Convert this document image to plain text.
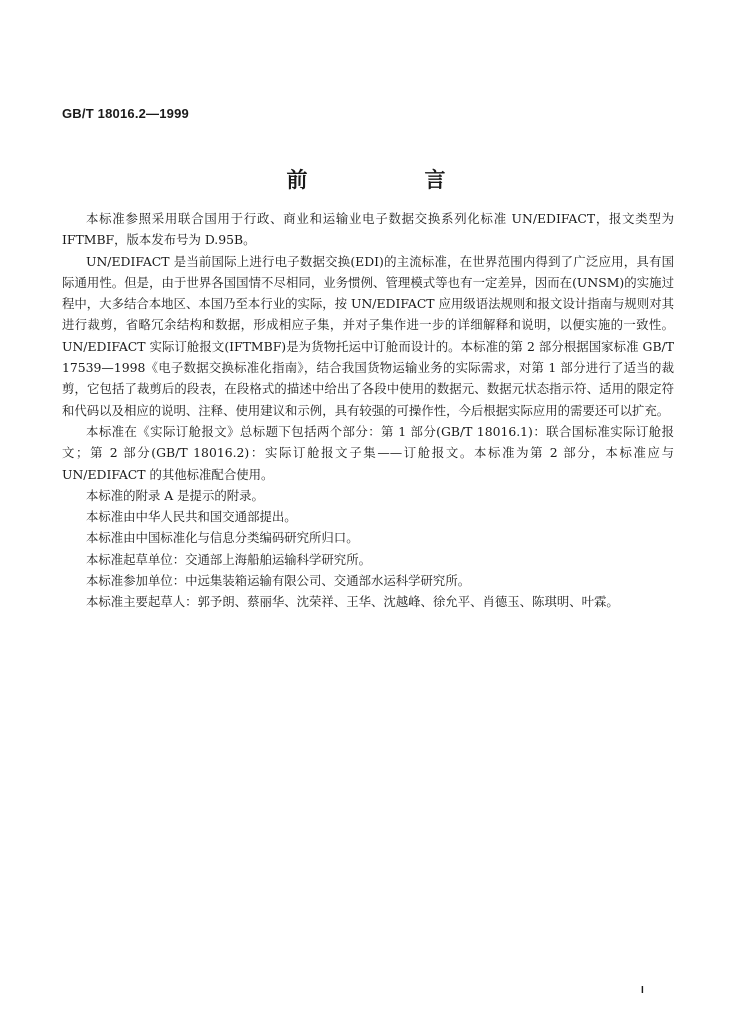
GB/T 18016.2—1999
前　言

本标准参照采用联合国用于行政、商业和运输业电子数据交换系列化标准 UN/EDIFACT，报文类型为 IFTMBF，版本发布号为 D.95B。

UN/EDIFACT 是当前国际上进行电子数据交换(EDI)的主流标准，在世界范围内得到了广泛应用，具有国际通用性。但是，由于世界各国国情不尽相同，业务惯例、管理模式等也有一定差异，因而在(UNSM)的实施过程中，大多结合本地区、本国乃至本行业的实际，按 UN/EDIFACT 应用级语法规则和报文设计指南与规则对其进行裁剪，省略冗余结构和数据，形成相应子集，并对子集作进一步的详细解释和说明，以便实施的一致性。UN/EDIFACT 实际订舱报文(IFTMBF)是为货物托运中订舱而设计的。本标准的第 2 部分根据国家标准 GB/T 17539—1998《电子数据交换标准化指南》，结合我国货物运输业务的实际需求，对第 1 部分进行了适当的裁剪，它包括了裁剪后的段表，在段格式的描述中给出了各段中使用的数据元、数据元状态指示符、适用的限定符和代码以及相应的说明、注释、使用建议和示例，具有较强的可操作性，今后根据实际应用的需要还可以扩充。

本标准在《实际订舱报文》总标题下包括两个部分：第 1 部分(GB/T 18016.1)：联合国标准实际订舱报文；第 2 部分(GB/T 18016.2)：实际订舱报文子集——订舱报文。本标准为第 2 部分，本标准应与 UN/EDIFACT 的其他标准配合使用。

本标准的附录 A 是提示的附录。

本标准由中华人民共和国交通部提出。

本标准由中国标准化与信息分类编码研究所归口。

本标准起草单位：交通部上海船舶运输科学研究所。

本标准参加单位：中远集装箱运输有限公司、交通部水运科学研究所。

本标准主要起草人：郭予朗、蔡丽华、沈荣祥、王华、沈越峰、徐允平、肖德玉、陈琪明、叶霖。

I
